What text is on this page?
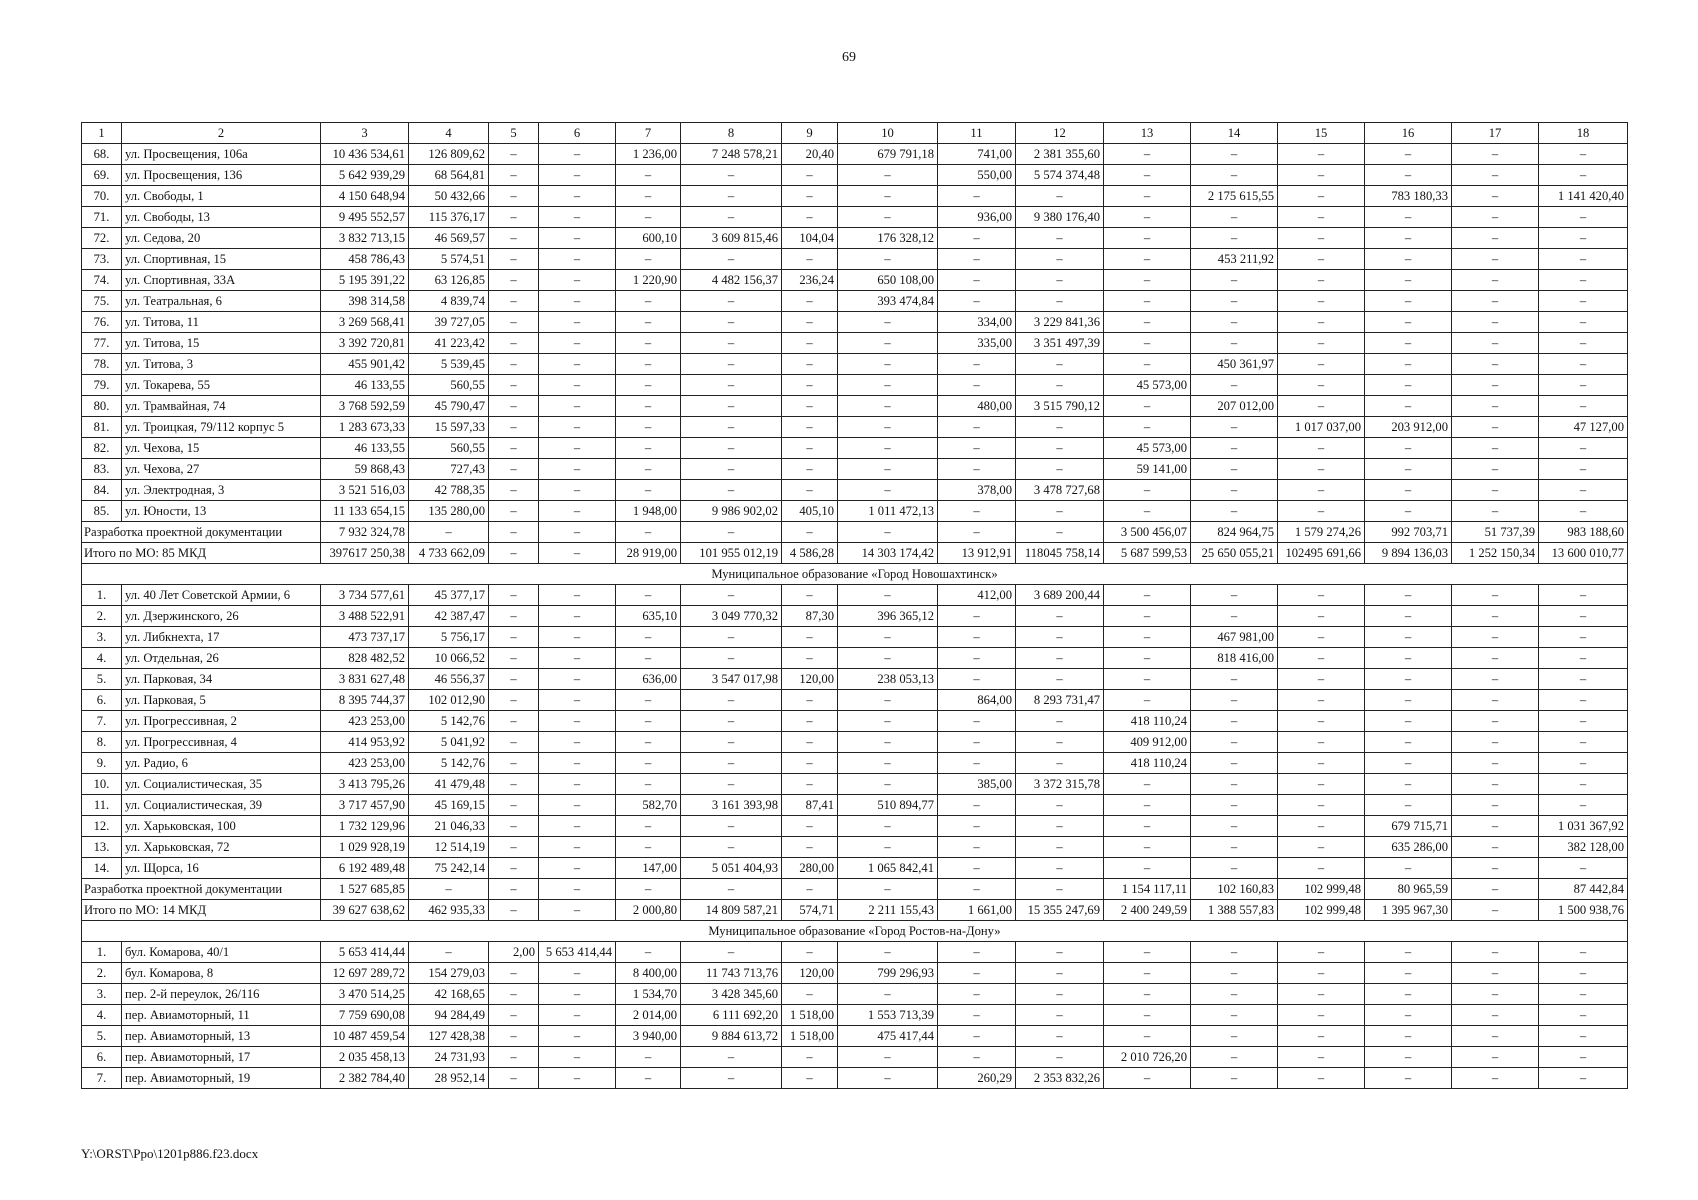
69
1	2	3	4	5	6	7	8	9	10	11	12	13	14	15	16	17	18
68.	ул. Просвещения, 106а	10 436 534,61	126 809,62	–	–	1 236,00	7 248 578,21	20,40	679 791,18	741,00	2 381 355,60	–	–	–	–	–	–
69.	ул. Просвещения, 136	5 642 939,29	68 564,81	–	–	–	–	–	–	550,00	5 574 374,48	–	–	–	–	–	–
70.	ул. Свободы, 1	4 150 648,94	50 432,66	–	–	–	–	–	–	–	–	–	2 175 615,55	–	783 180,33	–	1 141 420,40
71.	ул. Свободы, 13	9 495 552,57	115 376,17	–	–	–	–	–	–	936,00	9 380 176,40	–	–	–	–	–	–
72.	ул. Седова, 20	3 832 713,15	46 569,57	–	–	600,10	3 609 815,46	104,04	176 328,12	–	–	–	–	–	–	–	–
73.	ул. Спортивная, 15	458 786,43	5 574,51	–	–	–	–	–	–	–	–	–	453 211,92	–	–	–	–
74.	ул. Спортивная, 33А	5 195 391,22	63 126,85	–	–	1 220,90	4 482 156,37	236,24	650 108,00	–	–	–	–	–	–	–	–
75.	ул. Театральная, 6	398 314,58	4 839,74	–	–	–	–	–	393 474,84	–	–	–	–	–	–	–	–
76.	ул. Титова, 11	3 269 568,41	39 727,05	–	–	–	–	–	–	334,00	3 229 841,36	–	–	–	–	–	–
77.	ул. Титова, 15	3 392 720,81	41 223,42	–	–	–	–	–	–	335,00	3 351 497,39	–	–	–	–	–	–
78.	ул. Титова, 3	455 901,42	5 539,45	–	–	–	–	–	–	–	–	–	450 361,97	–	–	–	–
79.	ул. Токарева, 55	46 133,55	560,55	–	–	–	–	–	–	–	–	45 573,00	–	–	–	–	–
80.	ул. Трамвайная, 74	3 768 592,59	45 790,47	–	–	–	–	–	–	480,00	3 515 790,12	–	207 012,00	–	–	–	–
81.	ул. Троицкая, 79/112 корпус 5	1 283 673,33	15 597,33	–	–	–	–	–	–	–	–	–	–	1 017 037,00	203 912,00	–	47 127,00
82.	ул. Чехова, 15	46 133,55	560,55	–	–	–	–	–	–	–	–	45 573,00	–	–	–	–	–
83.	ул. Чехова, 27	59 868,43	727,43	–	–	–	–	–	–	–	–	59 141,00	–	–	–	–	–
84.	ул. Электродная, 3	3 521 516,03	42 788,35	–	–	–	–	–	–	378,00	3 478 727,68	–	–	–	–	–	–
85.	ул. Юности, 13	11 133 654,15	135 280,00	–	–	1 948,00	9 986 902,02	405,10	1 011 472,13	–	–	–	–	–	–	–	–
Разработка проектной документации		7 932 324,78	–	–	–	–	–	–	–	–	–	3 500 456,07	824 964,75	1 579 274,26	992 703,71	51 737,39	983 188,60
Итого по МО: 85 МКД		397617 250,38	4 733 662,09	–	–	28 919,00	101 955 012,19	4 586,28	14 303 174,42	13 912,91	118045 758,14	5 687 599,53	25 650 055,21	102495 691,66	9 894 136,03	1 252 150,34	13 600 010,77
Муниципальное образование «Город Новошахтинск»																	
1.	ул. 40 Лет Советской Армии, 6	3 734 577,61	45 377,17	–	–	–	–	–	–	412,00	3 689 200,44	–	–	–	–	–	–
2.	ул. Дзержинского, 26	3 488 522,91	42 387,47	–	–	635,10	3 049 770,32	87,30	396 365,12	–	–	–	–	–	–	–	–
3.	ул. Либкнехта, 17	473 737,17	5 756,17	–	–	–	–	–	–	–	–	–	467 981,00	–	–	–	–
4.	ул. Отдельная, 26	828 482,52	10 066,52	–	–	–	–	–	–	–	–	–	818 416,00	–	–	–	–
5.	ул. Парковая, 34	3 831 627,48	46 556,37	–	–	636,00	3 547 017,98	120,00	238 053,13	–	–	–	–	–	–	–	–
6.	ул. Парковая, 5	8 395 744,37	102 012,90	–	–	–	–	–	–	864,00	8 293 731,47	–	–	–	–	–	–
7.	ул. Прогрессивная, 2	423 253,00	5 142,76	–	–	–	–	–	–	–	–	418 110,24	–	–	–	–	–
8.	ул. Прогрессивная, 4	414 953,92	5 041,92	–	–	–	–	–	–	–	–	409 912,00	–	–	–	–	–
9.	ул. Радио, 6	423 253,00	5 142,76	–	–	–	–	–	–	–	–	418 110,24	–	–	–	–	–
10.	ул. Социалистическая, 35	3 413 795,26	41 479,48	–	–	–	–	–	–	385,00	3 372 315,78	–	–	–	–	–	–
11.	ул. Социалистическая, 39	3 717 457,90	45 169,15	–	–	582,70	3 161 393,98	87,41	510 894,77	–	–	–	–	–	–	–	–
12.	ул. Харьковская, 100	1 732 129,96	21 046,33	–	–	–	–	–	–	–	–	–	–	–	679 715,71	–	1 031 367,92
13.	ул. Харьковская, 72	1 029 928,19	12 514,19	–	–	–	–	–	–	–	–	–	–	–	635 286,00	–	382 128,00
14.	ул. Щорса, 16	6 192 489,48	75 242,14	–	–	147,00	5 051 404,93	280,00	1 065 842,41	–	–	–	–	–	–	–	–
Разработка проектной документации		1 527 685,85	–	–	–	–	–	–	–	–	–	1 154 117,11	102 160,83	102 999,48	80 965,59	–	87 442,84
Итого по МО: 14 МКД		39 627 638,62	462 935,33	–	–	2 000,80	14 809 587,21	574,71	2 211 155,43	1 661,00	15 355 247,69	2 400 249,59	1 388 557,83	102 999,48	1 395 967,30	–	1 500 938,76
Муниципальное образование «Город Ростов-на-Дону»																	
1.	бул. Комарова, 40/1	5 653 414,44	–	2,00	5 653 414,44	–	–	–	–	–	–	–	–	–	–	–	–
2.	бул. Комарова, 8	12 697 289,72	154 279,03	–	–	8 400,00	11 743 713,76	120,00	799 296,93	–	–	–	–	–	–	–	–
3.	пер. 2-й переулок, 26/116	3 470 514,25	42 168,65	–	–	1 534,70	3 428 345,60	–	–	–	–	–	–	–	–	–	–
4.	пер. Авиамоторный, 11	7 759 690,08	94 284,49	–	–	2 014,00	6 111 692,20	1 518,00	1 553 713,39	–	–	–	–	–	–	–	–
5.	пер. Авиамоторный, 13	10 487 459,54	127 428,38	–	–	3 940,00	9 884 613,72	1 518,00	475 417,44	–	–	–	–	–	–	–	–
6.	пер. Авиамоторный, 17	2 035 458,13	24 731,93	–	–	–	–	–	–	–	–	2 010 726,20	–	–	–	–	–
7.	пер. Авиамоторный, 19	2 382 784,40	28 952,14	–	–	–	–	–	–	260,29	2 353 832,26	–	–	–	–	–	–
Y:\ORST\Ppo\1201p886.f23.docx
